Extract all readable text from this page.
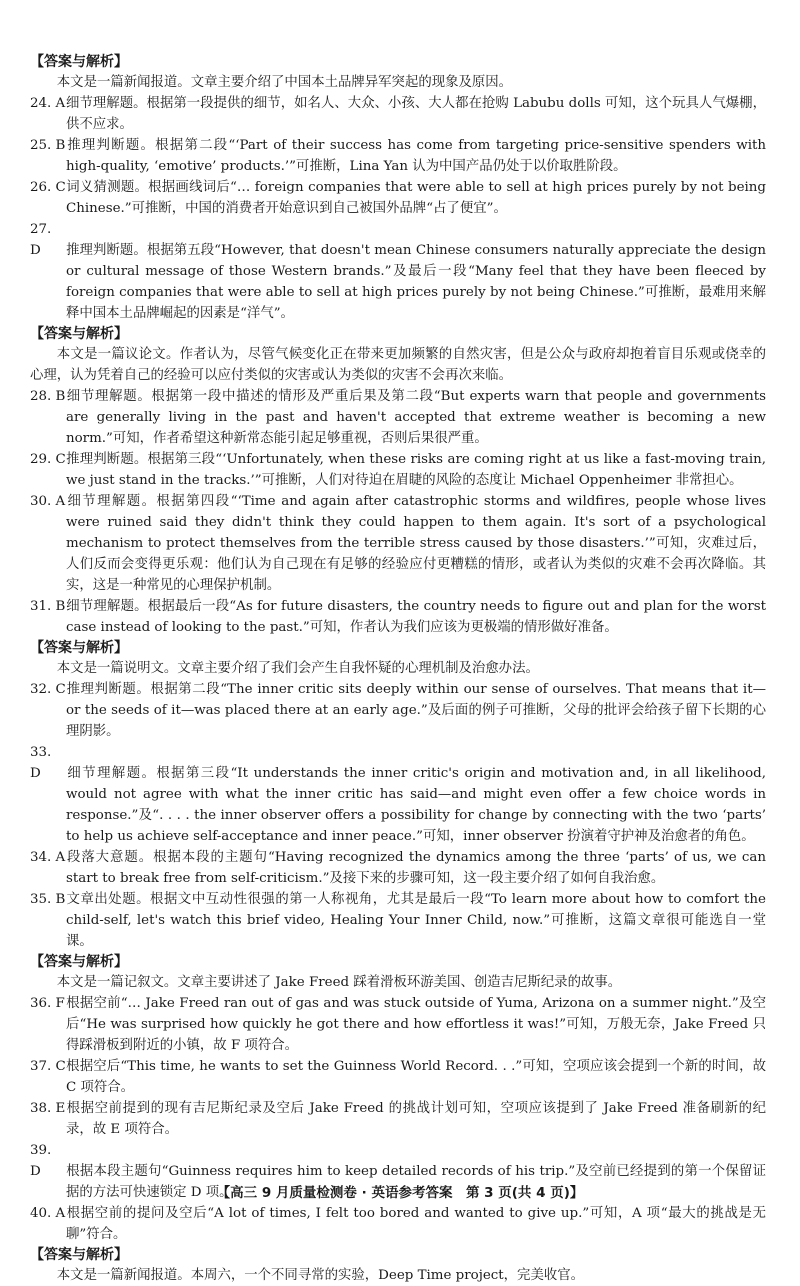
【答案与解析】

本文是一篇新闻报道。文章主要介绍了中国本土品牌异军突起的现象及原因。

24. A细节理解题。根据第一段提供的细节，如名人、大众、小孩、大人都在抢购 Labubu dolls 可知，这个玩具人气爆棚，供不应求。

25. B推理判断题。根据第二段“‘Part of their success has come from targeting price-sensitive spenders with high-quality, ‘emotive’ products.’”可推断，Lina Yan 认为中国产品仍处于以价取胜阶段。

26. C词义猜测题。根据画线词后“… foreign companies that were able to sell at high prices purely by not being Chinese.”可推断，中国的消费者开始意识到自己被国外品牌“占了便宜”。

27. D 推理判断题。根据第五段“However, that doesn't mean Chinese consumers naturally appreciate the design or cultural message of those Western brands.”及最后一段“Many feel that they have been fleeced by foreign companies that were able to sell at high prices purely by not being Chinese.”可推断，最难用来解释中国本土品牌崛起的因素是“洋气”。

【答案与解析】

本文是一篇议论文。作者认为，尽管气候变化正在带来更加频繁的自然灾害，但是公众与政府却抱着盲目乐观或侥幸的心理，认为凭着自己的经验可以应付类似的灾害或认为类似的灾害不会再次来临。

28. B细节理解题。根据第一段中描述的情形及严重后果及第二段“But experts warn that people and governments are generally living in the past and haven't accepted that extreme weather is becoming a new norm.”可知，作者希望这种新常态能引起足够重视，否则后果很严重。

29. C推理判断题。根据第三段“‘Unfortunately, when these risks are coming right at us like a fast-moving train, we just stand in the tracks.’”可推断，人们对待迫在眉睫的风险的态度让 Michael Oppenheimer 非常担心。

30. A细节理解题。根据第四段“‘Time and again after catastrophic storms and wildfires, people whose lives were ruined said they didn't think they could happen to them again. It's sort of a psychological mechanism to protect themselves from the terrible stress caused by those disasters.’”可知，灾难过后，人们反而会变得更乐观：他们认为自己现在有足够的经验应付更糟糕的情形，或者认为类似的灾难不会再次降临。其实，这是一种常见的心理保护机制。

31. B细节理解题。根据最后一段“As for future disasters, the country needs to figure out and plan for the worst case instead of looking to the past.”可知，作者认为我们应该为更极端的情形做好准备。

【答案与解析】

本文是一篇说明文。文章主要介绍了我们会产生自我怀疑的心理机制及治愈办法。

32. C推理判断题。根据第二段“The inner critic sits deeply within our sense of ourselves. That means that it—or the seeds of it—was placed there at an early age.”及后面的例子可推断，父母的批评会给孩子留下长期的心理阴影。

33. D 细节理解题。根据第三段“It understands the inner critic's origin and motivation and, in all likelihood, would not agree with what the inner critic has said—and might even offer a few choice words in response.”及“. . . . the inner observer offers a possibility for change by connecting with the two ‘parts’ to help us achieve self-acceptance and inner peace.”可知，inner observer 扮演着守护神及治愈者的角色。

34. A段落大意题。根据本段的主题句“Having recognized the dynamics among the three ‘parts’ of us, we can start to break free from self-criticism.”及接下来的步骤可知，这一段主要介绍了如何自我治愈。

35. B文章出处题。根据文中互动性很强的第一人称视角，尤其是最后一段“To learn more about how to comfort the child-self, let's watch this brief video, Healing Your Inner Child, now.”可推断，这篇文章很可能选自一堂课。

【答案与解析】

本文是一篇记叙文。文章主要讲述了 Jake Freed 踩着滑板环游美国、创造吉尼斯纪录的故事。

36. F根据空前“… Jake Freed ran out of gas and was stuck outside of Yuma, Arizona on a summer night.”及空后“He was surprised how quickly he got there and how effortless it was!”可知，万般无奈，Jake Freed 只得踩滑板到附近的小镇，故 F 项符合。

37. C根据空后“This time, he wants to set the Guinness World Record. . .”可知，空项应该会提到一个新的时间，故 C 项符合。

38. E根据空前提到的现有吉尼斯纪录及空后 Jake Freed 的挑战计划可知，空项应该提到了 Jake Freed 准备刷新的纪录，故 E 项符合。

39. D 根据本段主题句“Guinness requires him to keep detailed records of his trip.”及空前已经提到的第一个保留证据的方法可快速锁定 D 项。

40. A根据空前的提问及空后“A lot of times, I felt too bored and wanted to give up.”可知，A 项“最大的挑战是无聊”符合。

【答案与解析】

本文是一篇新闻报道。本周六，一个不同寻常的实验，Deep Time project，完美收官。

【高三 9 月质量检测卷 · 英语参考答案　第 3 页(共 4 页)】
